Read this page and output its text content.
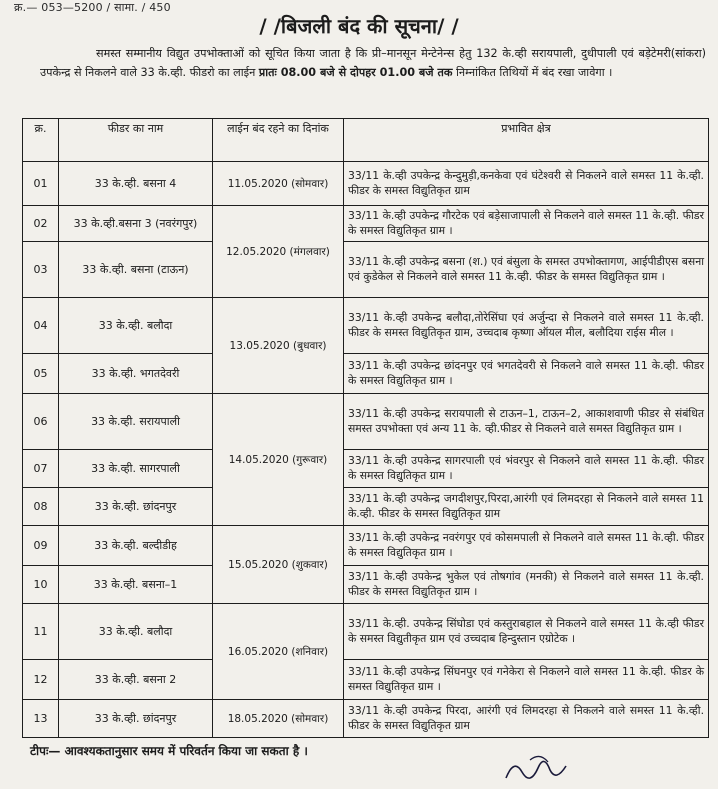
क्र.— 053—5200 / सामा. / 450
/ /बिजली बंद की सूचना/ /
समस्त सम्मानीय विद्युत उपभोक्ताओं को सूचित किया जाता है कि प्री–मानसून मेन्टेनेन्स हेतु 132 के.व्ही सरायपाली, दुधीपाली एवं बड़ेटेमरी(सांकरा) उपकेन्द्र से निकलने वाले 33 के.व्ही. फीडरो का लाईन प्रातः 08.00 बजे से दोपहर 01.00 बजे तक निम्नांकित तिथियों में बंद रखा जावेगा ।
क्र.	फीडर का नाम	लाईन बंद रहने का दिनांक	प्रभावित क्षेत्र
01	33 के.व्ही. बसना 4	11.05.2020 (सोमवार)	33/11 के.व्ही उपकेन्द्र केन्दुमुड़ी,कनकेवा एवं घंटेश्वरी से निकलने वाले समस्त 11 के.व्ही. फीडर के समस्त विद्युतिकृत ग्राम
02	33 के.व्ही.बसना 3 (नवरंगपुर)	12.05.2020 (मंगलवार)	33/11 के.व्ही उपकेन्द्र गौरटेक एवं बड़ेसाजापाली से निकलने वाले समस्त 11 के.व्ही. फीडर के समस्त विद्युतिकृत ग्राम ।
03	33 के.व्ही. बसना (टाऊन)		33/11 के.व्ही उपकेन्द्र बसना (श.) एवं बंसुला के समस्त उपभोक्तागण, आईपीडीएस बसना एवं कुडेकेल से निकलने वाले समस्त 11 के.व्ही. फीडर के समस्त विद्युतिकृत ग्राम ।
04	33 के.व्ही. बलौदा	13.05.2020 (बुधवार)	33/11 के.व्ही उपकेन्द्र बलौदा,तोरेसिंघा एवं अर्जुन्दा से निकलने वाले समस्त 11 के.व्ही. फीडर के समस्त विद्युतिकृत ग्राम, उच्चदाब कृष्णा ऑयल मील, बलौदिया राईस मील ।
05	33 के.व्ही. भगतदेवरी		33/11 के.व्ही उपकेन्द्र छांदनपुर एवं भगतदेवरी से निकलने वाले समस्त 11 के.व्ही. फीडर के समस्त विद्युतिकृत ग्राम ।
06	33 के.व्ही. सरायपाली	14.05.2020 (गुरूवार)	33/11 के.व्ही उपकेन्द्र सरायपाली से टाऊन–1, टाऊन–2, आकाशवाणी फीडर से संबंधित समस्त उपभोक्ता एवं अन्य 11 के. व्ही.फीडर से निकलने वाले समस्त विद्युतिकृत ग्राम ।
07	33 के.व्ही. सागरपाली		33/11 के.व्ही उपकेन्द्र सागरपाली एवं भंवरपुर से निकलने वाले समस्त 11 के.व्ही. फीडर के समस्त विद्युतिकृत ग्राम ।
08	33 के.व्ही. छांदनपुर		33/11 के.व्ही उपकेन्द्र जगदीशपुर,पिरदा,आरंगी एवं लिमदरहा से निकलने वाले समस्त 11 के.व्ही. फीडर के समस्त विद्युतिकृत ग्राम
09	33 के.व्ही. बल्दीडीह	15.05.2020 (शुकवार)	33/11 के.व्ही उपकेन्द्र नवरंगपुर एवं कोसमपाली से निकलने वाले समस्त 11 के.व्ही. फीडर के समस्त विद्युतिकृत ग्राम ।
10	33 के.व्ही. बसना–1		33/11 के.व्ही उपकेन्द्र भुकेल एवं तोषगांव (मनकी) से निकलने वाले समस्त 11 के.व्ही. फीडर के समस्त विद्युतिकृत ग्राम ।
11	33 के.व्ही. बलौदा	16.05.2020 (शनिवार)	33/11 के.व्ही. उपकेन्द्र सिंघोडा एवं कस्तुराबहाल से निकलने वाले समस्त 11 के.व्ही फीडर के समस्त विद्युतीकृत ग्राम एवं उच्चदाब हिन्दुस्तान एग्रोटेक ।
12	33 के.व्ही. बसना 2		33/11 के.व्ही उपकेन्द्र सिंघनपुर एवं गनेकेरा से निकलने वाले समस्त 11 के.व्ही. फीडर के समस्त विद्युतिकृत ग्राम ।
13	33 के.व्ही. छांदनपुर	18.05.2020 (सोमवार)	33/11 के.व्ही उपकेन्द्र पिरदा, आरंगी एवं लिमदरहा से निकलने वाले समस्त 11 के.व्ही. फीडर के समस्त विद्युतिकृत ग्राम
टीपः— आवश्यकतानुसार समय में परिवर्तन किया जा सकता है ।
